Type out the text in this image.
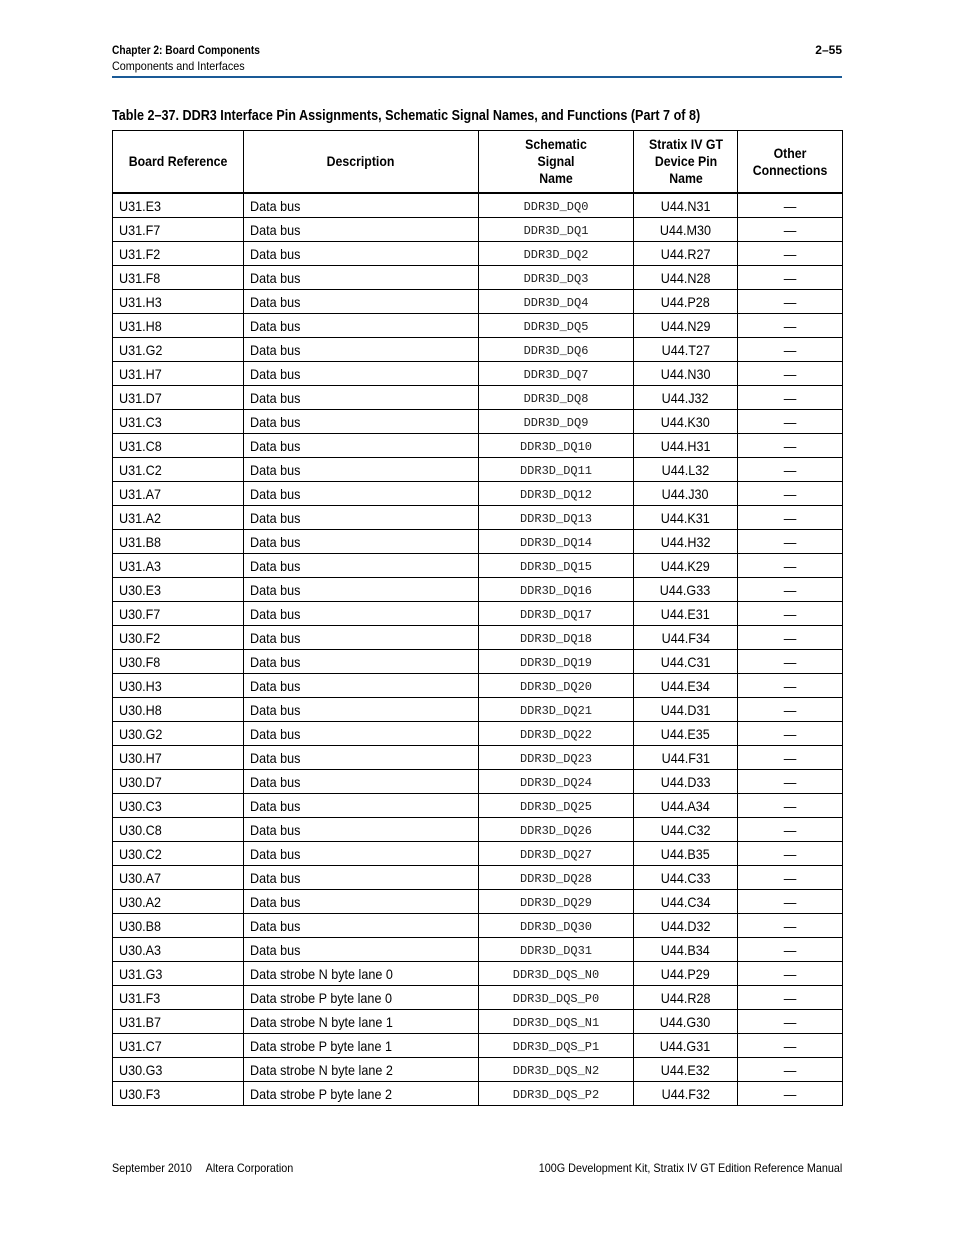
Chapter 2: Board Components
Components and Interfaces
2–55
Table 2–37. DDR3 Interface Pin Assignments, Schematic Signal Names, and Functions (Part 7 of 8)
Board Reference	Description	Schematic Signal Name	Stratix IV GT Device Pin Name	Other Connections
U31.E3	Data bus	DDR3D_DQ0	U44.N31	—
U31.F7	Data bus	DDR3D_DQ1	U44.M30	—
U31.F2	Data bus	DDR3D_DQ2	U44.R27	—
U31.F8	Data bus	DDR3D_DQ3	U44.N28	—
U31.H3	Data bus	DDR3D_DQ4	U44.P28	—
U31.H8	Data bus	DDR3D_DQ5	U44.N29	—
U31.G2	Data bus	DDR3D_DQ6	U44.T27	—
U31.H7	Data bus	DDR3D_DQ7	U44.N30	—
U31.D7	Data bus	DDR3D_DQ8	U44.J32	—
U31.C3	Data bus	DDR3D_DQ9	U44.K30	—
U31.C8	Data bus	DDR3D_DQ10	U44.H31	—
U31.C2	Data bus	DDR3D_DQ11	U44.L32	—
U31.A7	Data bus	DDR3D_DQ12	U44.J30	—
U31.A2	Data bus	DDR3D_DQ13	U44.K31	—
U31.B8	Data bus	DDR3D_DQ14	U44.H32	—
U31.A3	Data bus	DDR3D_DQ15	U44.K29	—
U30.E3	Data bus	DDR3D_DQ16	U44.G33	—
U30.F7	Data bus	DDR3D_DQ17	U44.E31	—
U30.F2	Data bus	DDR3D_DQ18	U44.F34	—
U30.F8	Data bus	DDR3D_DQ19	U44.C31	—
U30.H3	Data bus	DDR3D_DQ20	U44.E34	—
U30.H8	Data bus	DDR3D_DQ21	U44.D31	—
U30.G2	Data bus	DDR3D_DQ22	U44.E35	—
U30.H7	Data bus	DDR3D_DQ23	U44.F31	—
U30.D7	Data bus	DDR3D_DQ24	U44.D33	—
U30.C3	Data bus	DDR3D_DQ25	U44.A34	—
U30.C8	Data bus	DDR3D_DQ26	U44.C32	—
U30.C2	Data bus	DDR3D_DQ27	U44.B35	—
U30.A7	Data bus	DDR3D_DQ28	U44.C33	—
U30.A2	Data bus	DDR3D_DQ29	U44.C34	—
U30.B8	Data bus	DDR3D_DQ30	U44.D32	—
U30.A3	Data bus	DDR3D_DQ31	U44.B34	—
U31.G3	Data strobe N byte lane 0	DDR3D_DQS_N0	U44.P29	—
U31.F3	Data strobe P byte lane 0	DDR3D_DQS_P0	U44.R28	—
U31.B7	Data strobe N byte lane 1	DDR3D_DQS_N1	U44.G30	—
U31.C7	Data strobe P byte lane 1	DDR3D_DQS_P1	U44.G31	—
U30.G3	Data strobe N byte lane 2	DDR3D_DQS_N2	U44.E32	—
U30.F3	Data strobe P byte lane 2	DDR3D_DQS_P2	U44.F32	—
September 2010 Altera Corporation	100G Development Kit, Stratix IV GT Edition Reference Manual
